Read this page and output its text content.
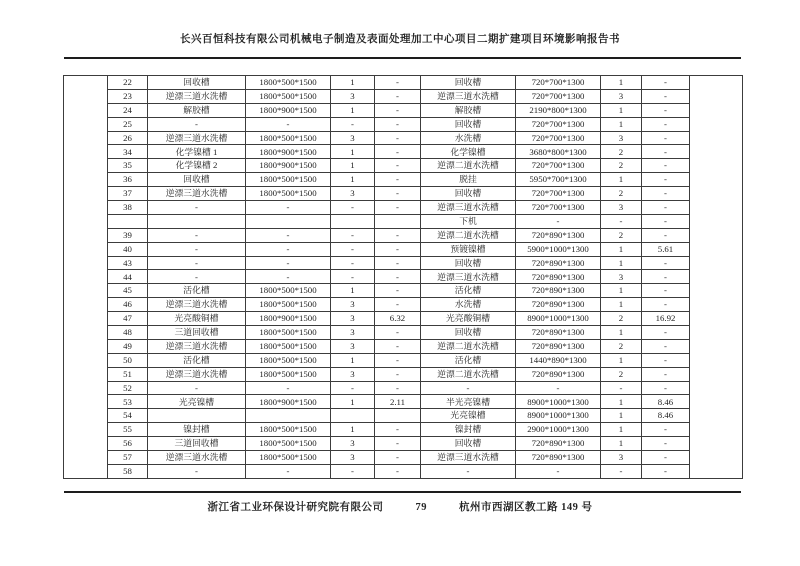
长兴百恒科技有限公司机械电子制造及表面处理加工中心项目二期扩建项目环境影响报告书
	22	回收槽	1800*500*1500	1	-	回收槽	720*700*1300	1	-	
	23	逆漂三道水洗槽	1800*500*1500	3	-	逆漂三道水洗槽	720*700*1300	3	-	
	24	解胶槽	1800*900*1500	1	-	解胶槽	2190*800*1300	1	-	
	25	-	-	-	-	回收槽	720*700*1300	1	-	
	26	逆漂三道水洗槽	1800*500*1500	3	-	水洗槽	720*700*1300	3	-	
	34	化学镍槽 1	1800*900*1500	1	-	化学镍槽	3680*800*1300	2	-	
	35	化学镍槽 2	1800*900*1500	1	-	逆漂二道水洗槽	720*700*1300	2	-	
	36	回收槽	1800*500*1500	1	-	脱挂	5950*700*1300	1	-	
	37	逆漂三道水洗槽	1800*500*1500	3	-	回收槽	720*700*1300	2	-	
	38	-	-	-	-	逆漂三道水洗槽	720*700*1300	3	-	
						下机	-	-	-	
	39	-	-	-	-	逆漂二道水洗槽	720*890*1300	2	-	
	40	-	-	-	-	预镀镍槽	5900*1000*1300	1	5.61	
	43	-	-	-	-	回收槽	720*890*1300	1	-	
	44	-	-	-	-	逆漂三道水洗槽	720*890*1300	3	-	
	45	活化槽	1800*500*1500	1	-	活化槽	720*890*1300	1	-	
	46	逆漂三道水洗槽	1800*500*1500	3	-	水洗槽	720*890*1300	1	-	
	47	光亮酸铜槽	1800*900*1500	3	6.32	光亮酸铜槽	8900*1000*1300	2	16.92	
	48	三道回收槽	1800*500*1500	3	-	回收槽	720*890*1300	1	-	
	49	逆漂三道水洗槽	1800*500*1500	3	-	逆漂二道水洗槽	720*890*1300	2	-	
	50	活化槽	1800*500*1500	1	-	活化槽	1440*890*1300	1	-	
	51	逆漂三道水洗槽	1800*500*1500	3	-	逆漂二道水洗槽	720*890*1300	2	-	
	52	-	-	-	-	-	-	-	-	
	53	光亮镍槽	1800*900*1500	1	2.11	半光亮镍槽	8900*1000*1300	1	8.46	
	54					光亮镍槽	8900*1000*1300	1	8.46	
	55	镍封槽	1800*500*1500	1	-	镍封槽	2900*1000*1300	1	-	
	56	三道回收槽	1800*500*1500	3	-	回收槽	720*890*1300	1	-	
	57	逆漂三道水洗槽	1800*500*1500	3	-	逆漂三道水洗槽	720*890*1300	3	-	
	58	-	-	-	-	-	-	-	-	
浙江省工业环保设计研究院有限公司	79	杭州市西湖区教工路 149 号
